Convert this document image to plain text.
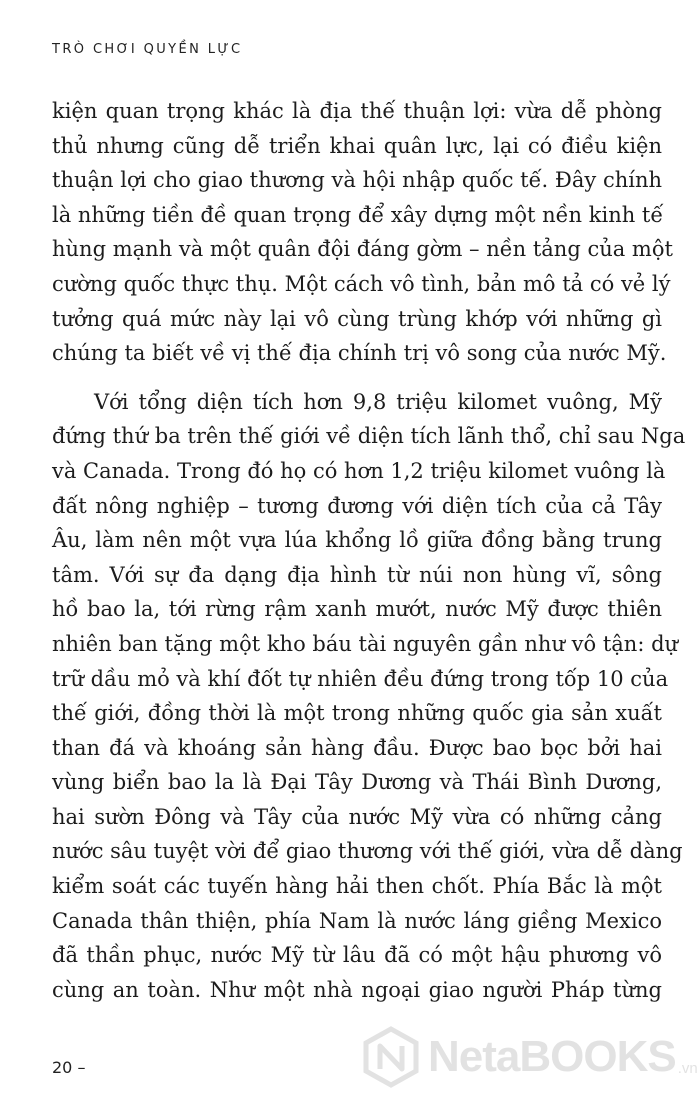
TRÒ CHƠI QUYỀN LỰC
kiện quan trọng khác là địa thế thuận lợi: vừa dễ phòng
thủ nhưng cũng dễ triển khai quân lực, lại có điều kiện
thuận lợi cho giao thương và hội nhập quốc tế. Đây chính
là những tiền đề quan trọng để xây dựng một nền kinh tế
hùng mạnh và một quân đội đáng gờm – nền tảng của một
cường quốc thực thụ. Một cách vô tình, bản mô tả có vẻ lý
tưởng quá mức này lại vô cùng trùng khớp với những gì
chúng ta biết về vị thế địa chính trị vô song của nước Mỹ.
Với tổng diện tích hơn 9,8 triệu kilomet vuông, Mỹ
đứng thứ ba trên thế giới về diện tích lãnh thổ, chỉ sau Nga
và Canada. Trong đó họ có hơn 1,2 triệu kilomet vuông là
đất nông nghiệp – tương đương với diện tích của cả Tây
Âu, làm nên một vựa lúa khổng lồ giữa đồng bằng trung
tâm. Với sự đa dạng địa hình từ núi non hùng vĩ, sông
hồ bao la, tới rừng rậm xanh mướt, nước Mỹ được thiên
nhiên ban tặng một kho báu tài nguyên gần như vô tận: dự
trữ dầu mỏ và khí đốt tự nhiên đều đứng trong tốp 10 của
thế giới, đồng thời là một trong những quốc gia sản xuất
than đá và khoáng sản hàng đầu. Được bao bọc bởi hai
vùng biển bao la là Đại Tây Dương và Thái Bình Dương,
hai sườn Đông và Tây của nước Mỹ vừa có những cảng
nước sâu tuyệt vời để giao thương với thế giới, vừa dễ dàng
kiểm soát các tuyến hàng hải then chốt. Phía Bắc là một
Canada thân thiện, phía Nam là nước láng giềng Mexico
đã thần phục, nước Mỹ từ lâu đã có một hậu phương vô
cùng an toàn. Như một nhà ngoại giao người Pháp từng
20 –	NetaBOOKS .vn
